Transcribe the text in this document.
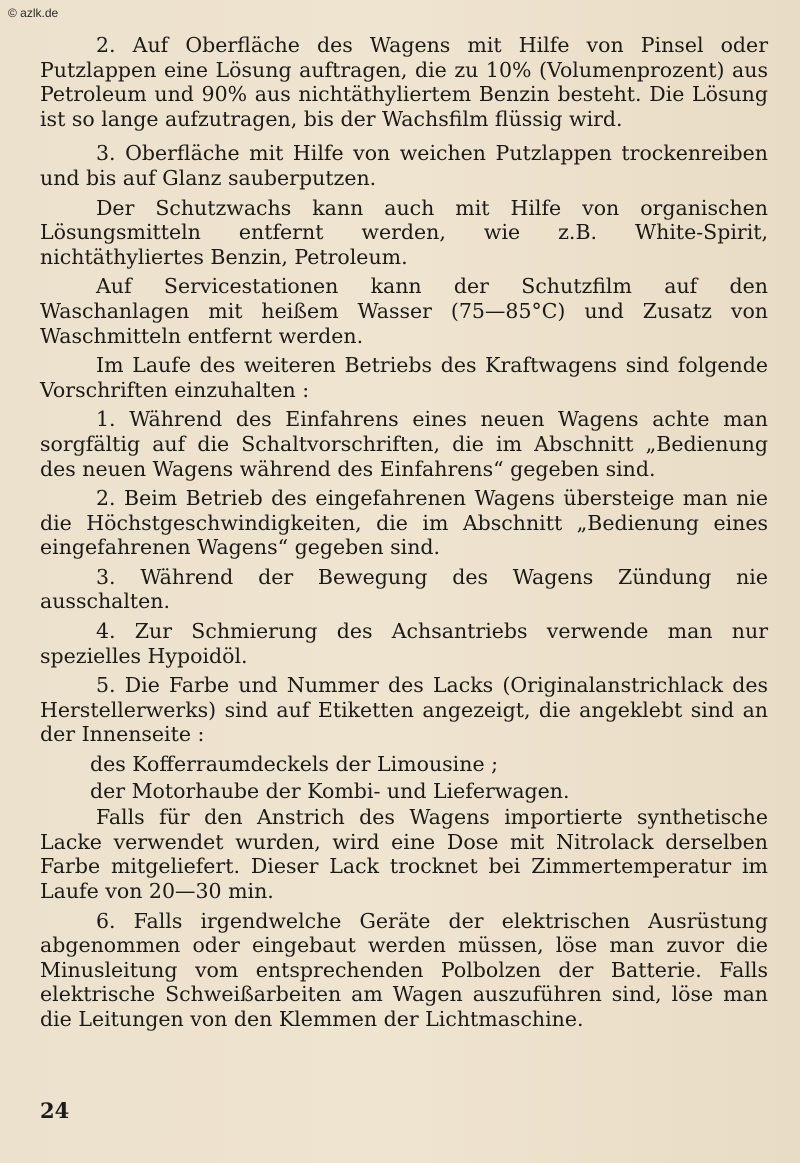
© azlk.de

2. Auf Oberfläche des Wagens mit Hilfe von Pinsel oder Putzlappen eine Lösung auftragen, die zu 10% (Volumenprozent) aus Petroleum und 90% aus nichtäthyliertem Benzin besteht. Die Lösung ist so lange aufzutragen, bis der Wachsfilm flüssig wird.

3. Oberfläche mit Hilfe von weichen Putzlappen trockenreiben und bis auf Glanz sauberputzen.

Der Schutzwachs kann auch mit Hilfe von organischen Lösungsmitteln entfernt werden, wie z.B. White-Spirit, nichtäthyliertes Benzin, Petroleum.

Auf Servicestationen kann der Schutzfilm auf den Waschanlagen mit heißem Wasser (75—85°C) und Zusatz von Waschmitteln entfernt werden.

Im Laufe des weiteren Betriebs des Kraftwagens sind folgende Vorschriften einzuhalten :

1. Während des Einfahrens eines neuen Wagens achte man sorgfältig auf die Schaltvorschriften, die im Abschnitt „Bedienung des neuen Wagens während des Einfahrens“ gegeben sind.

2. Beim Betrieb des eingefahrenen Wagens übersteige man nie die Höchstgeschwindigkeiten, die im Abschnitt „Bedienung eines eingefahrenen Wagens“ gegeben sind.

3. Während der Bewegung des Wagens Zündung nie ausschalten.

4. Zur Schmierung des Achsantriebs verwende man nur spezielles Hypoidöl.

5. Die Farbe und Nummer des Lacks (Originalanstrichlack des Herstellerwerks) sind auf Etiketten angezeigt, die angeklebt sind an der Innenseite :

des Kofferraumdeckels der Limousine ;

der Motorhaube der Kombi- und Lieferwagen.

Falls für den Anstrich des Wagens importierte synthetische Lacke verwendet wurden, wird eine Dose mit Nitrolack derselben Farbe mitgeliefert. Dieser Lack trocknet bei Zimmertemperatur im Laufe von 20—30 min.

6. Falls irgendwelche Geräte der elektrischen Ausrüstung abgenommen oder eingebaut werden müssen, löse man zuvor die Minusleitung vom entsprechenden Polbolzen der Batterie. Falls elektrische Schweißarbeiten am Wagen auszuführen sind, löse man die Leitungen von den Klemmen der Lichtmaschine.

24
